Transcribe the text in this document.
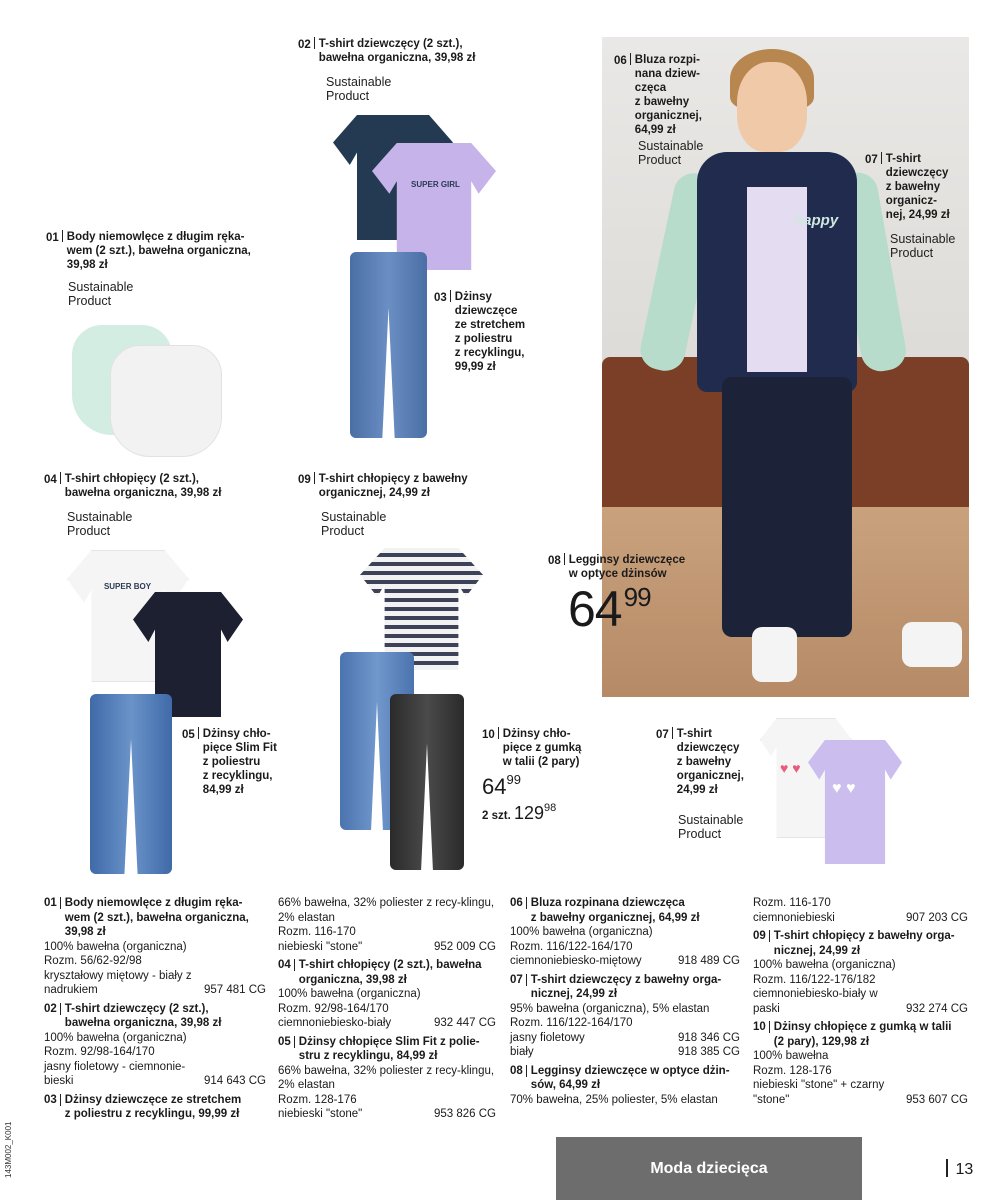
02 T-shirt dziewczęcy (2 szt.),
bawełna organiczna, 39,98 zł
Sustainable
Product
SUPER GIRL
01 Body niemowlęce z długim ręka-
wem (2 szt.), bawełna organiczna,
39,98 zł
Sustainable
Product	03 Dżinsy
dziewczęce
ze stretchem
z poliestru
z recyklingu,
99,99 zł
happy
06 Bluza rozpi-
nana dziew-
częca
z bawełny
organicznej,
64,99 zł
Sustainable
Product	07 T-shirt
dziewczęcy
z bawełny
organicz-
nej, 24,99 zł
Sustainable
Product
04 T-shirt chłopięcy (2 szt.),
bawełna organiczna, 39,98 zł
Sustainable
Product
09 T-shirt chłopięcy z bawełny
organicznej, 24,99 zł
Sustainable
Product
08 Legginsy dziewczęce
w optyce dżinsów
$64^{99}$
SUPER BOY
05 Dżinsy chło-
pięce Slim Fit
z poliestru
z recyklingu,
84,99 zł
10 Dżinsy chło-
pięce z gumką
w talii (2 pary)
$64^{99}$
2 szt. $129^{98}$
07 T-shirt
dziewczęcy
z bawełny
organicznej,
24,99 zł
Sustainable
Product
♥ ♥
♥ ♥
01 Body niemowlęce z długim ręka-
wem (2 szt.), bawełna organiczna,
39,98 zł
100% bawełna (organiczna)
Rozm. 56/62-92/98
kryształowy miętowy - biały z nadrukiem	957 481 CG
02 T-shirt dziewczęcy (2 szt.),
bawełna organiczna, 39,98 zł
100% bawełna (organiczna)
Rozm. 92/98-164/170
jasny fioletowy - ciemnonie-bieski	914 643 CG
03 Dżinsy dziewczęce ze stretchem
z poliestru z recyklingu, 99,99 zł
66% bawełna, 32% poliester z recy-klingu, 2% elastan
Rozm. 116-170
niebieski "stone"	952 009 CG
04 T-shirt chłopięcy (2 szt.), bawełna
organiczna, 39,98 zł
100% bawełna (organiczna)
Rozm. 92/98-164/170
ciemnoniebiesko-biały	932 447 CG
05 Dżinsy chłopięce Slim Fit z polie-
stru z recyklingu, 84,99 zł
66% bawełna, 32% poliester z recy-klingu, 2% elastan
Rozm. 128-176
niebieski "stone"	953 826 CG
06 Bluza rozpinana dziewczęca
z bawełny organicznej, 64,99 zł
100% bawełna (organiczna)
Rozm. 116/122-164/170
ciemnoniebiesko-miętowy	918 489 CG
07 T-shirt dziewczęcy z bawełny orga-
nicznej, 24,99 zł
95% bawełna (organiczna), 5% elastan
Rozm. 116/122-164/170
jasny fioletowy	918 346 CG
biały	918 385 CG
08 Legginsy dziewczęce w optyce dżin-
sów, 64,99 zł
70% bawełna, 25% poliester, 5% elastan
Rozm. 116-170
ciemnoniebieski	907 203 CG
09 T-shirt chłopięcy z bawełny orga-
nicznej, 24,99 zł
100% bawełna (organiczna)
Rozm. 116/122-176/182
ciemnoniebiesko-biały w paski	932 274 CG
10 Dżinsy chłopięce z gumką w talii
(2 pary), 129,98 zł
100% bawełna
Rozm. 128-176
niebieski "stone" + czarny "stone"	953 607 CG
Moda dziecięca	13
143M002_K001
